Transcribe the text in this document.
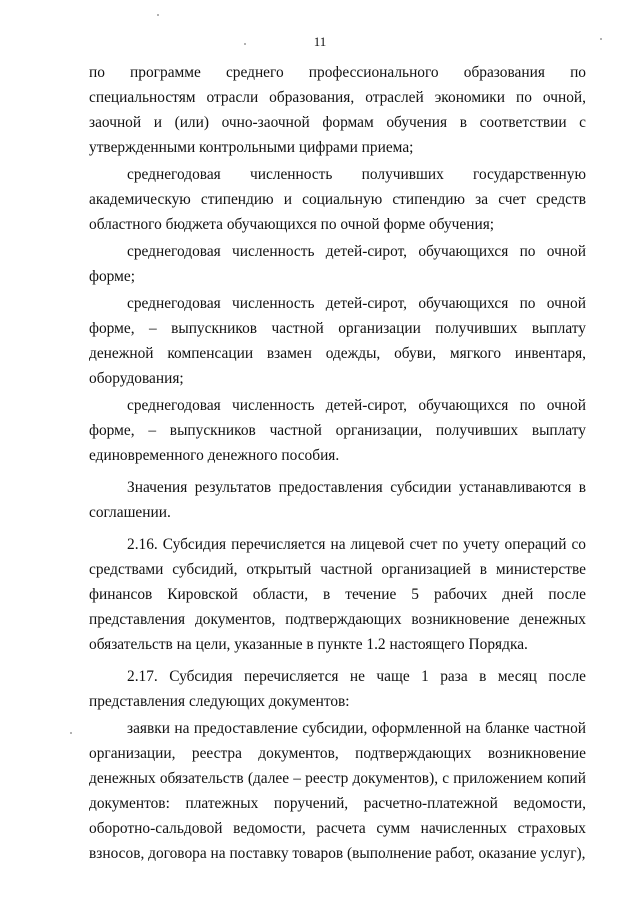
11

по программе среднего профессионального образования по специальностям отрасли образования, отраслей экономики по очной, заочной и (или) очно-заочной формам обучения в соответствии с утвержденными контрольными цифрами приема;

среднегодовая численность получивших государственную академическую стипендию и социальную стипендию за счет средств областного бюджета обучающихся по очной форме обучения;

среднегодовая численность детей-сирот, обучающихся по очной форме;

среднегодовая численность детей-сирот, обучающихся по очной форме, – выпускников частной организации получивших выплату денежной компенсации взамен одежды, обуви, мягкого инвентаря, оборудования;

среднегодовая численность детей-сирот, обучающихся по очной форме, – выпускников частной организации, получивших выплату единовременного денежного пособия.

Значения результатов предоставления субсидии устанавливаются в соглашении.

2.16. Субсидия перечисляется на лицевой счет по учету операций со средствами субсидий, открытый частной организацией в министерстве финансов Кировской области, в течение 5 рабочих дней после представления документов, подтверждающих возникновение денежных обязательств на цели, указанные в пункте 1.2 настоящего Порядка.

2.17. Субсидия перечисляется не чаще 1 раза в месяц после представления следующих документов:

заявки на предоставление субсидии, оформленной на бланке частной организации, реестра документов, подтверждающих возникновение денежных обязательств (далее – реестр документов), с приложением копий документов: платежных поручений, расчетно-платежной ведомости, оборотно-сальдовой ведомости, расчета сумм начисленных страховых взносов, договора на поставку товаров (выполнение работ, оказание услуг),
